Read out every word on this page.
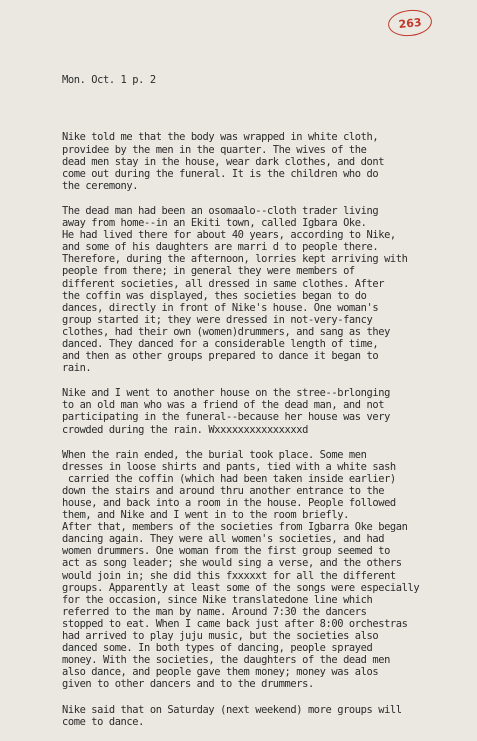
263

Mon. Oct. 1 p. 2

Nike told me that the body was wrapped in white cloth,
providee by the men in the quarter. The wives of the
dead men stay in the house, wear dark clothes, and dont
come out during the funeral. It is the children who do
the ceremony.
The dead man had been an osomaalo--cloth trader living
away from home--in an Ekiti town, called Igbara Oke.
He had lived there for about 40 years, according to Nike,
and some of his daughters are marri d to people there.
Therefore, during the afternoon, lorries kept arriving with
people from there; in general they were members of
different societies, all dressed in same clothes. After
the coffin was displayed, thes societies began to do
dances, directly in front of Nike's house. One woman's
group started it; they were dressed in not-very-fancy
clothes, had their own (women)drummers, and sang as they
danced. They danced for a considerable length of time,
and then as other groups prepared to dance it began to
rain.
Nike and I went to another house on the stree--brlonging
to an old man who was a friend of the dead man, and not
participating in the funeral--because her house was very
crowded during the rain. Wxxxxxxxxxxxxxxxd
When the rain ended, the burial took place. Some men
dresses in loose shirts and pants, tied with a white sash
carried the coffin (which had been taken inside earlier)
down the stairs and around thru another entrance to the
house, and back into a room in the house. People followed
them, and Nike and I went in to the room briefly.
After that, members of the societies from Igbarra Oke began
dancing again. They were all women's societies, and had
women drummers. One woman from the first group seemed to
act as song leader; she would sing a verse, and the others
would join in; she did this fxxxxxt for all the different
groups. Apparently at least some of the songs were especially
for the occasion, since Nike translatedone line which
referred to the man by name. Around 7:30 the dancers
stopped to eat. When I came back just after 8:00 orchestras
had arrived to play juju music, but the societies also
danced some. In both types of dancing, people sprayed
money. With the societies, the daughters of the dead men
also dance, and people gave them money; money was alos
given to other dancers and to the drummers.
Nike said that on Saturday (next weekend) more groups will
come to dance.
